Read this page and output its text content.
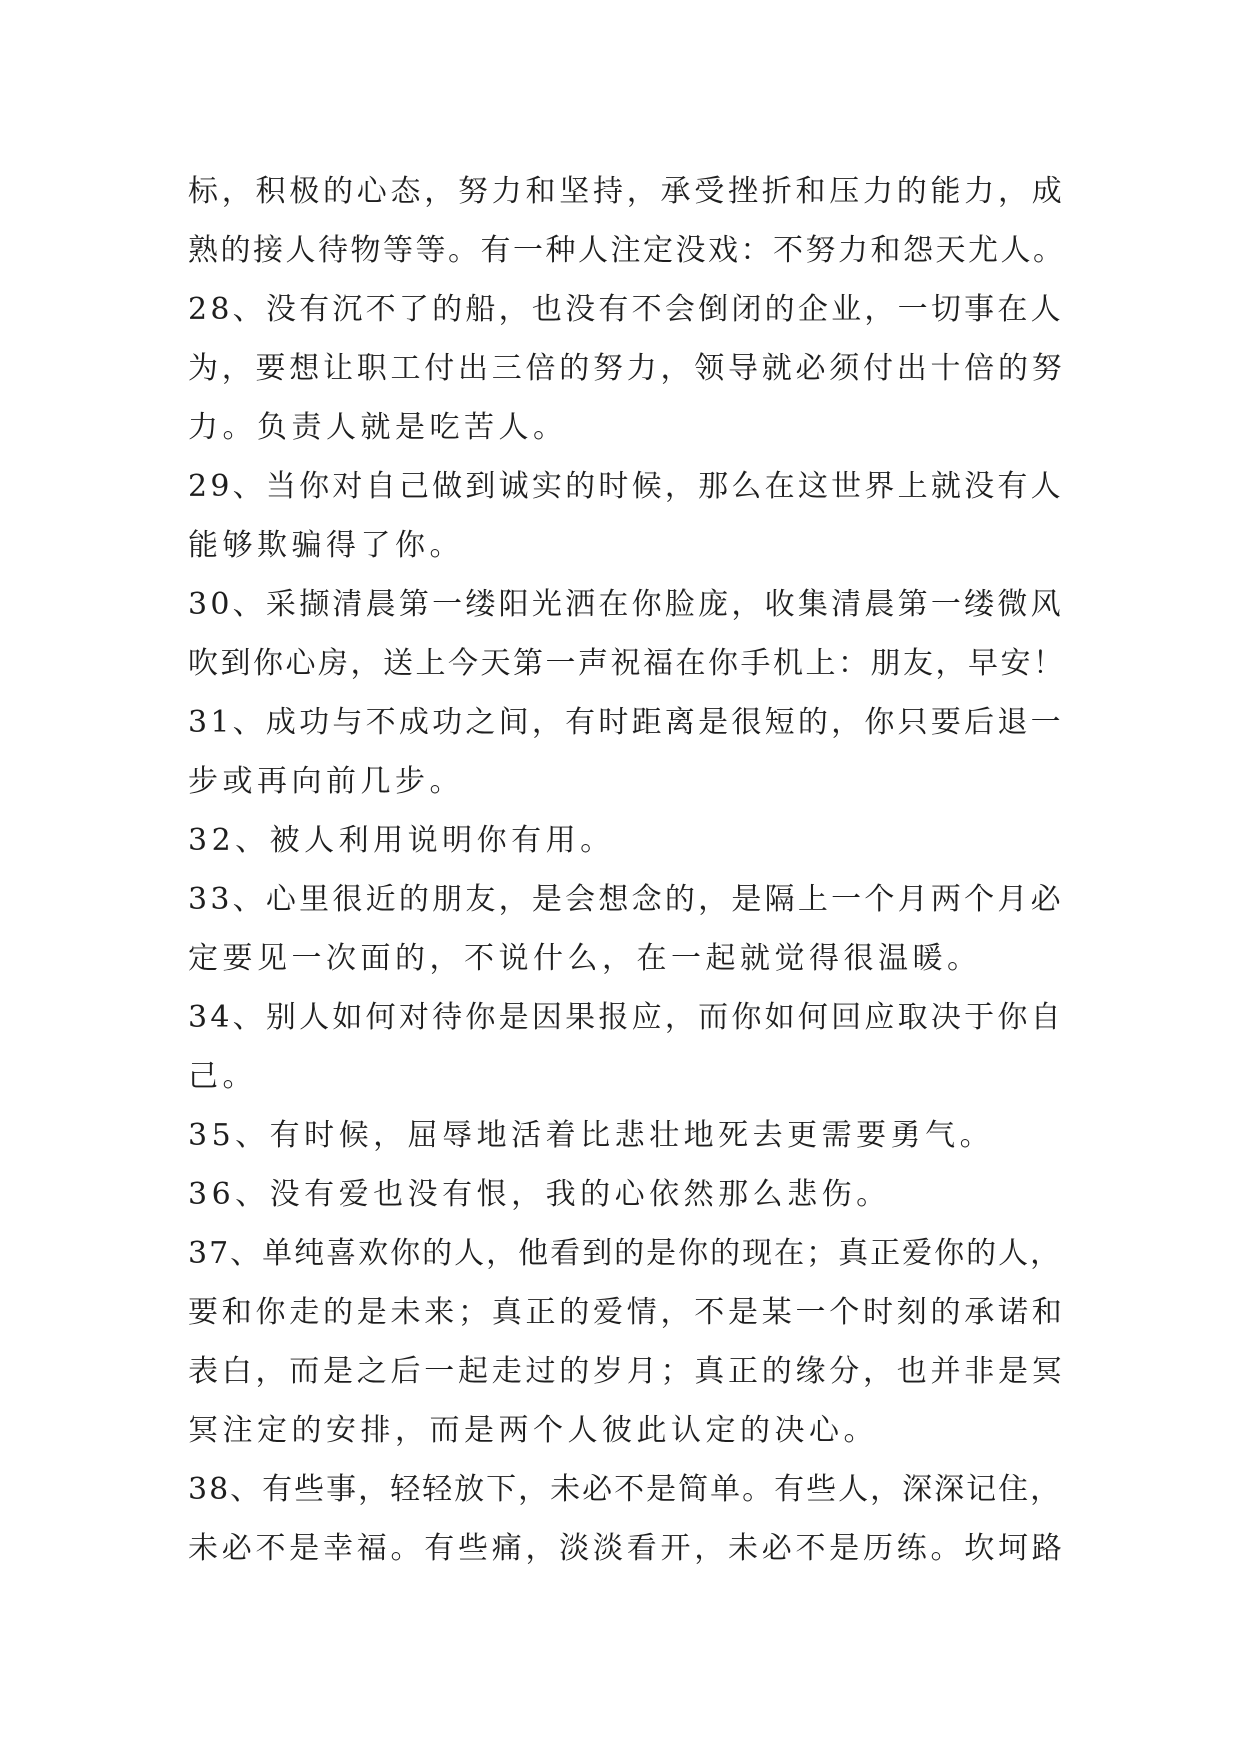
标，积极的心态，努力和坚持，承受挫折和压力的能力，成
熟的接人待物等等。有一种人注定没戏：不努力和怨天尤人。
28、没有沉不了的船，也没有不会倒闭的企业，一切事在人
为，要想让职工付出三倍的努力，领导就必须付出十倍的努
力。负责人就是吃苦人。
29、当你对自己做到诚实的时候，那么在这世界上就没有人
能够欺骗得了你。
30、采撷清晨第一缕阳光洒在你脸庞，收集清晨第一缕微风
吹到你心房，送上今天第一声祝福在你手机上：朋友，早安！
31、成功与不成功之间，有时距离是很短的，你只要后退一
步或再向前几步。
32、被人利用说明你有用。
33、心里很近的朋友，是会想念的，是隔上一个月两个月必
定要见一次面的，不说什么，在一起就觉得很温暖。
34、别人如何对待你是因果报应，而你如何回应取决于你自
己。
35、有时候，屈辱地活着比悲壮地死去更需要勇气。
36、没有爱也没有恨，我的心依然那么悲伤。
37、单纯喜欢你的人，他看到的是你的现在；真正爱你的人，
要和你走的是未来；真正的爱情，不是某一个时刻的承诺和
表白，而是之后一起走过的岁月；真正的缘分，也并非是冥
冥注定的安排，而是两个人彼此认定的决心。
38、有些事，轻轻放下，未必不是简单。有些人，深深记住，
未必不是幸福。有些痛，淡淡看开，未必不是历练。坎坷路
